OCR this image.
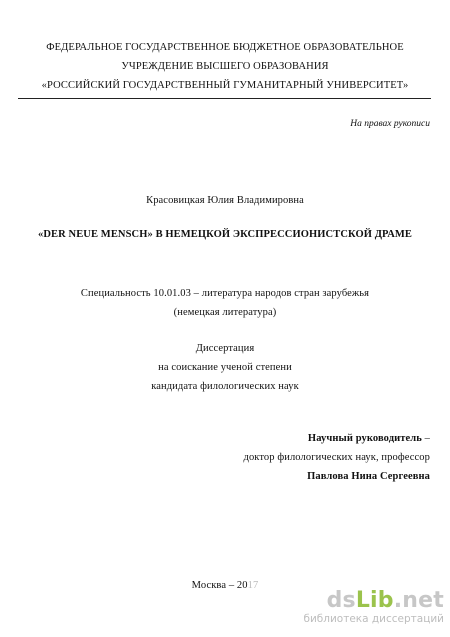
ФЕДЕРАЛЬНОЕ ГОСУДАРСТВЕННОЕ БЮДЖЕТНОЕ ОБРАЗОВАТЕЛЬНОЕ
УЧРЕЖДЕНИЕ ВЫСШЕГО ОБРАЗОВАНИЯ
«РОССИЙСКИЙ ГОСУДАРСТВЕННЫЙ ГУМАНИТАРНЫЙ УНИВЕРСИТЕТ»
На правах рукописи
Красовицкая Юлия Владимировна
«DER NEUE MENSCH» В НЕМЕЦКОЙ ЭКСПРЕССИОНИСТСКОЙ ДРАМЕ
Специальность 10.01.03 – литература народов стран зарубежья
(немецкая литература)
Диссертация
на соискание ученой степени
кандидата филологических наук
Научный руководитель –
доктор филологических наук, профессор
Павлова Нина Сергеевна
Москва – 2017
dsLib.net
библиотека диссертаций
